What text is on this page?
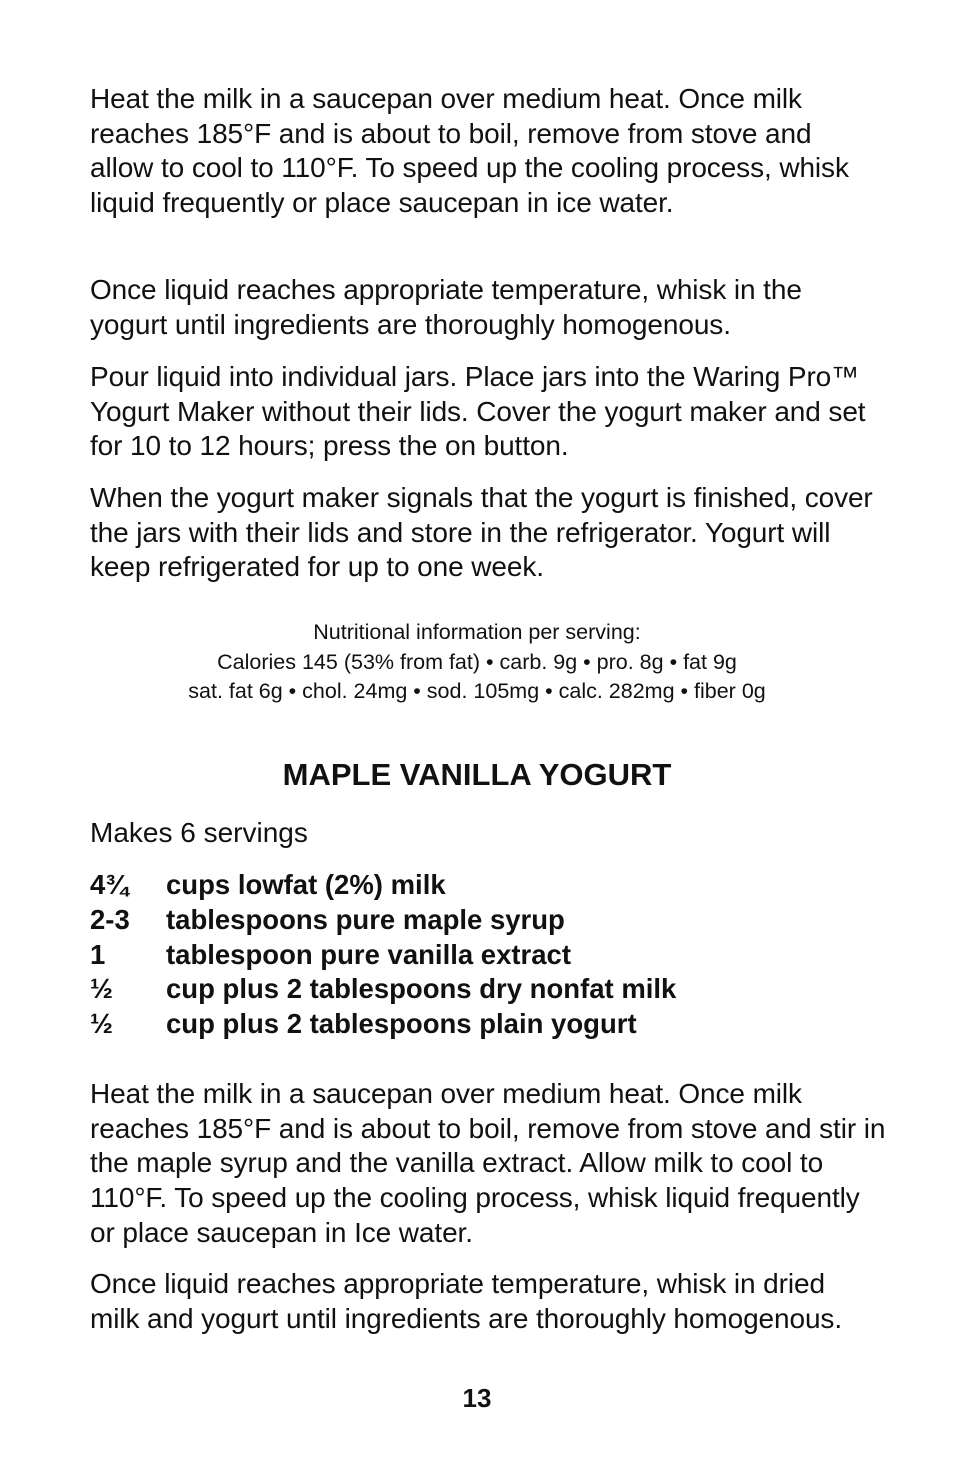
Heat the milk in a saucepan over medium heat. Once milk reaches 185°F and is about to boil, remove from stove and allow to cool to 110°F. To speed up the cooling process, whisk liquid frequently or place saucepan in ice water.

Once liquid reaches appropriate temperature, whisk in the yogurt until ingredients are thoroughly homogenous.

Pour liquid into individual jars. Place jars into the Waring Pro™ Yogurt Maker without their lids. Cover the yogurt maker and set for 10 to 12 hours; press the on button.

When the yogurt maker signals that the yogurt is finished, cover the jars with their lids and store in the refrigerator. Yogurt will keep refrigerated for up to one week.

Nutritional information per serving:
Calories 145 (53% from fat) • carb. 9g • pro. 8g • fat 9g
sat. fat 6g • chol. 24mg • sod. 105mg • calc. 282mg • fiber 0g
MAPLE VANILLA YOGURT

Makes 6 servings

4¾	cups lowfat (2%) milk
2-3	tablespoons pure maple syrup
1	tablespoon pure vanilla extract
½	cup plus 2 tablespoons dry nonfat milk
½	cup plus 2 tablespoons plain yogurt

Heat the milk in a saucepan over medium heat. Once milk reaches 185°F and is about to boil, remove from stove and stir in the maple syrup and the vanilla extract. Allow milk to cool to 110°F. To speed up the cooling process, whisk liquid frequently or place saucepan in Ice water.

Once liquid reaches appropriate temperature, whisk in dried milk and yogurt until ingredients are thoroughly homogenous.

13
